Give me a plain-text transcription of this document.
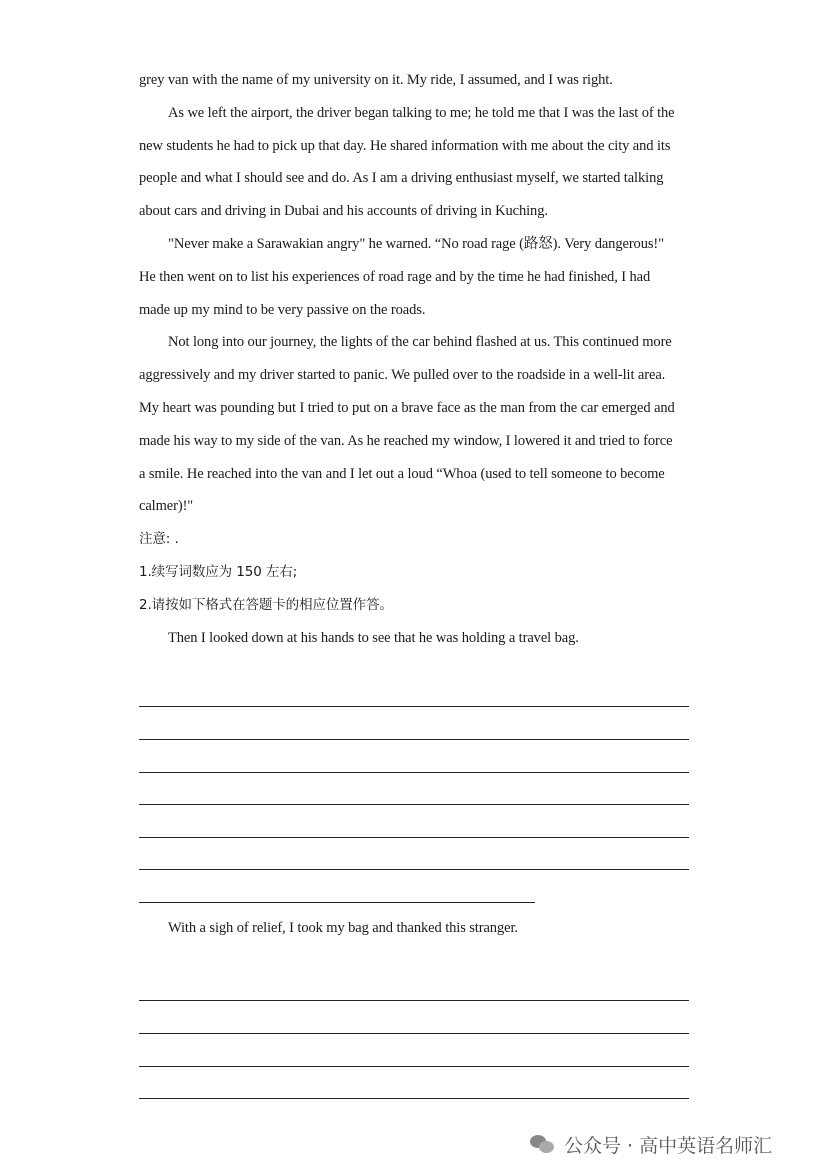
grey van with the name of my university on it. My ride, I assumed, and I was right.
As we left the airport, the driver began talking to me; he told me that I was the last of the
new students he had to pick up that day. He shared information with me about the city and its
people and what I should see and do. As I am a driving enthusiast myself, we started talking
about cars and driving in Dubai and his accounts of driving in Kuching.
"Never make a Sarawakian angry" he warned. “No road rage (路怒). Very dangerous!"
He then went on to list his experiences of road rage and by the time he had finished, I had
made up my mind to be very passive on the roads.
Not long into our journey, the lights of the car behind flashed at us. This continued more
aggressively and my driver started to panic. We pulled over to the roadside in a well-lit area.
My heart was pounding but I tried to put on a brave face as the man from the car emerged and
made his way to my side of the van. As he reached my window, I lowered it and tried to force
a smile. He reached into the van and I let out a loud “Whoa (used to tell someone to become
calmer)!"
注意: .
1.续写词数应为 150 左右;
2.请按如下格式在答题卡的相应位置作答。
Then I looked down at his hands to see that he was holding a travel bag.
With a sigh of relief, I took my bag and thanked this stranger.
公众号 · 高中英语名师汇
